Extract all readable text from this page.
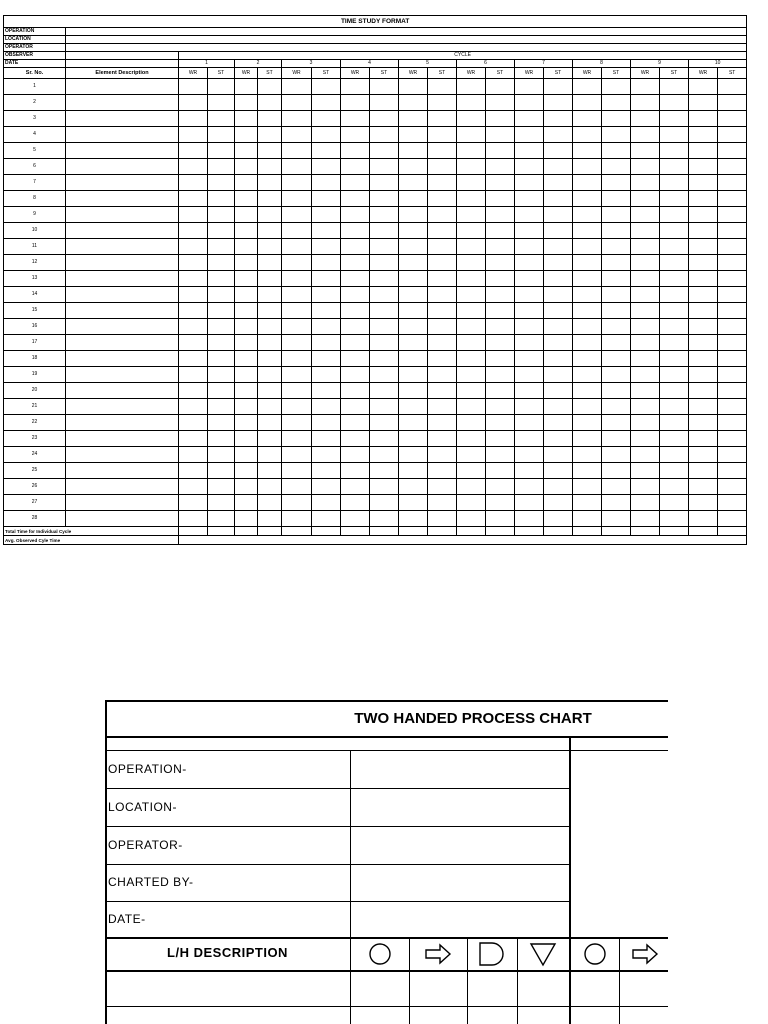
TIME STUDY FORMAT																					
OPERATION																					
LOCATION																					
OPERATOR																					
OBSERVER		CYCLE																			
DATE		1		2		3		4		5		6		7		8		9		10	
Sr. No.	Element Description	WR	ST	WR	ST	WR	ST	WR	ST	WR	ST	WR	ST	WR	ST	WR	ST	WR	ST	WR	ST
1																					
2																					
3																					
4																					
5																					
6																					
7																					
8																					
9																					
10																					
11																					
12																					
13																					
14																					
15																					
16																					
17																					
18																					
19																					
20																					
21																					
22																					
23																					
24																					
25																					
26																					
27																					
28																					
Total Time for Individual Cycle																					
Avg. Observed Cyle Time																					
TWO HANDED PROCESS CHART
OPERATION-
LOCATION-
OPERATOR-
CHARTED BY-
DATE-
L/H DESCRIPTION
